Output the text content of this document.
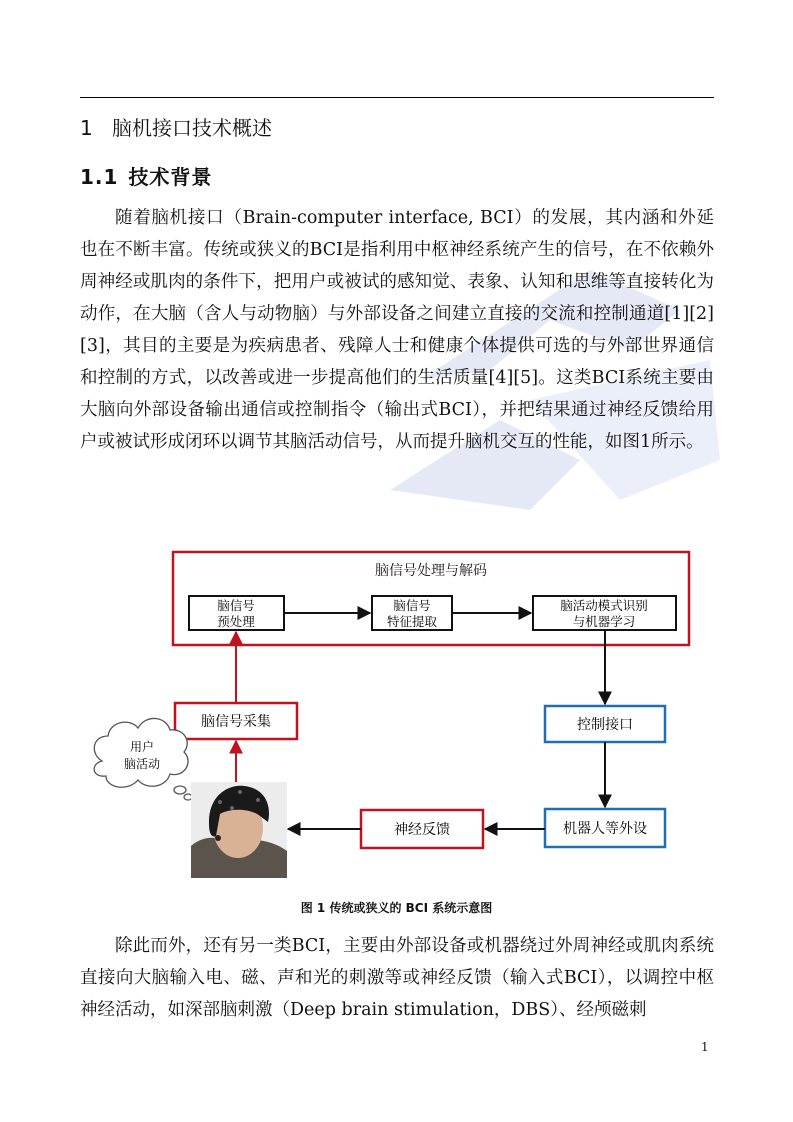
1 脑机接口技术概述
1.1 技术背景

随着脑机接口（Brain-computer interface, BCI）的发展，其内涵和外延也在不断丰富。传统或狭义的BCI是指利用中枢神经系统产生的信号，在不依赖外周神经或肌肉的条件下，把用户或被试的感知觉、表象、认知和思维等直接转化为动作，在大脑（含人与动物脑）与外部设备之间建立直接的交流和控制通道[1][2][3]，其目的主要是为疾病患者、残障人士和健康个体提供可选的与外部世界通信和控制的方式，以改善或进一步提高他们的生活质量[4][5]。这类BCI系统主要由大脑向外部设备输出通信或控制指令（输出式BCI），并把结果通过神经反馈给用户或被试形成闭环以调节其脑活动信号，从而提升脑机交互的性能，如图1所示。

脑信号处理与解码
脑信号
预处理
脑信号
特征提取
脑活动模式识别
与机器学习
脑信号采集	控制接口
机器人等外设
神经反馈
用户
脑活动
图 1 传统或狭义的 BCI 系统示意图

除此而外，还有另一类BCI，主要由外部设备或机器绕过外周神经或肌肉系统直接向大脑输入电、磁、声和光的刺激等或神经反馈（输入式BCI），以调控中枢神经活动，如深部脑刺激（Deep brain stimulation，DBS）、经颅磁刺

1
